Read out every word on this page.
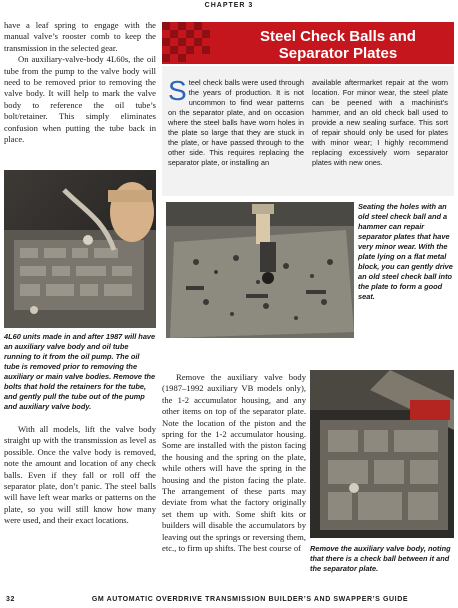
CHAPTER 3

have a leaf spring to engage with the manual valve’s rooster comb to keep the transmission in the selected gear.

On auxiliary-valve-body 4L60s, the oil tube from the pump to the valve body will need to be removed prior to removing the valve body. It will help to mark the valve body to reference the oil tube’s bolt/retainer. This simply eliminates confusion when putting the tube back in place.

4L60 units made in and after 1987 will have an auxiliary valve body and oil tube running to it from the oil pump. The oil tube is removed prior to removing the auxiliary or main valve bodies. Remove the bolts that hold the retainers for the tube, and gently pull the tube out of the pump and auxiliary valve body.

With all models, lift the valve body straight up with the transmission as level as possible. Once the valve body is removed, note the amount and location of any check balls. Even if they fall or roll off the separator plate, don’t panic. The steel balls will have left wear marks or patterns on the plate, so you will still know how many were used, and their exact locations.

Steel Check Balls and
Separator Plates
S teel check balls were used through the years of production. It is not uncommon to find wear patterns on the separator plate, and on occasion where the steel balls have worn holes in the plate so large that they are stuck in the plate, or have passed through to the other side. This requires replacing the separator plate, or installing an

available aftermarket repair at the worn location. For minor wear, the steel plate can be peened with a machinist’s hammer, and an old check ball used to provide a new sealing surface. This sort of repair should only be used for plates with minor wear; I highly recommend replacing excessively worn separator plates with new ones.

Seating the holes with an old steel check ball and a hammer can repair separator plates that have very minor wear. With the plate lying on a flat metal block, you can gently drive an old steel check ball into the plate to form a good seat.

Remove the auxiliary valve body (1987–1992 auxiliary VB models only), the 1-2 accumulator housing, and any other items on top of the separator plate. Note the location of the piston and the spring for the 1-2 accumulator housing. Some are installed with the piston facing the housing and the spring on the plate, while others will have the spring in the housing and the piston facing the plate. The arrangement of these parts may deviate from what the factory originally set them up with. Some shift kits or builders will disable the accumulators by leaving out the springs or reversing them, etc., to firm up shifts. The best course of	Remove the auxiliary valve body, noting that there is a check ball between it and the separator plate.
32	GM AUTOMATIC OVERDRIVE TRANSMISSION BUILDER’S AND SWAPPER’S GUIDE
